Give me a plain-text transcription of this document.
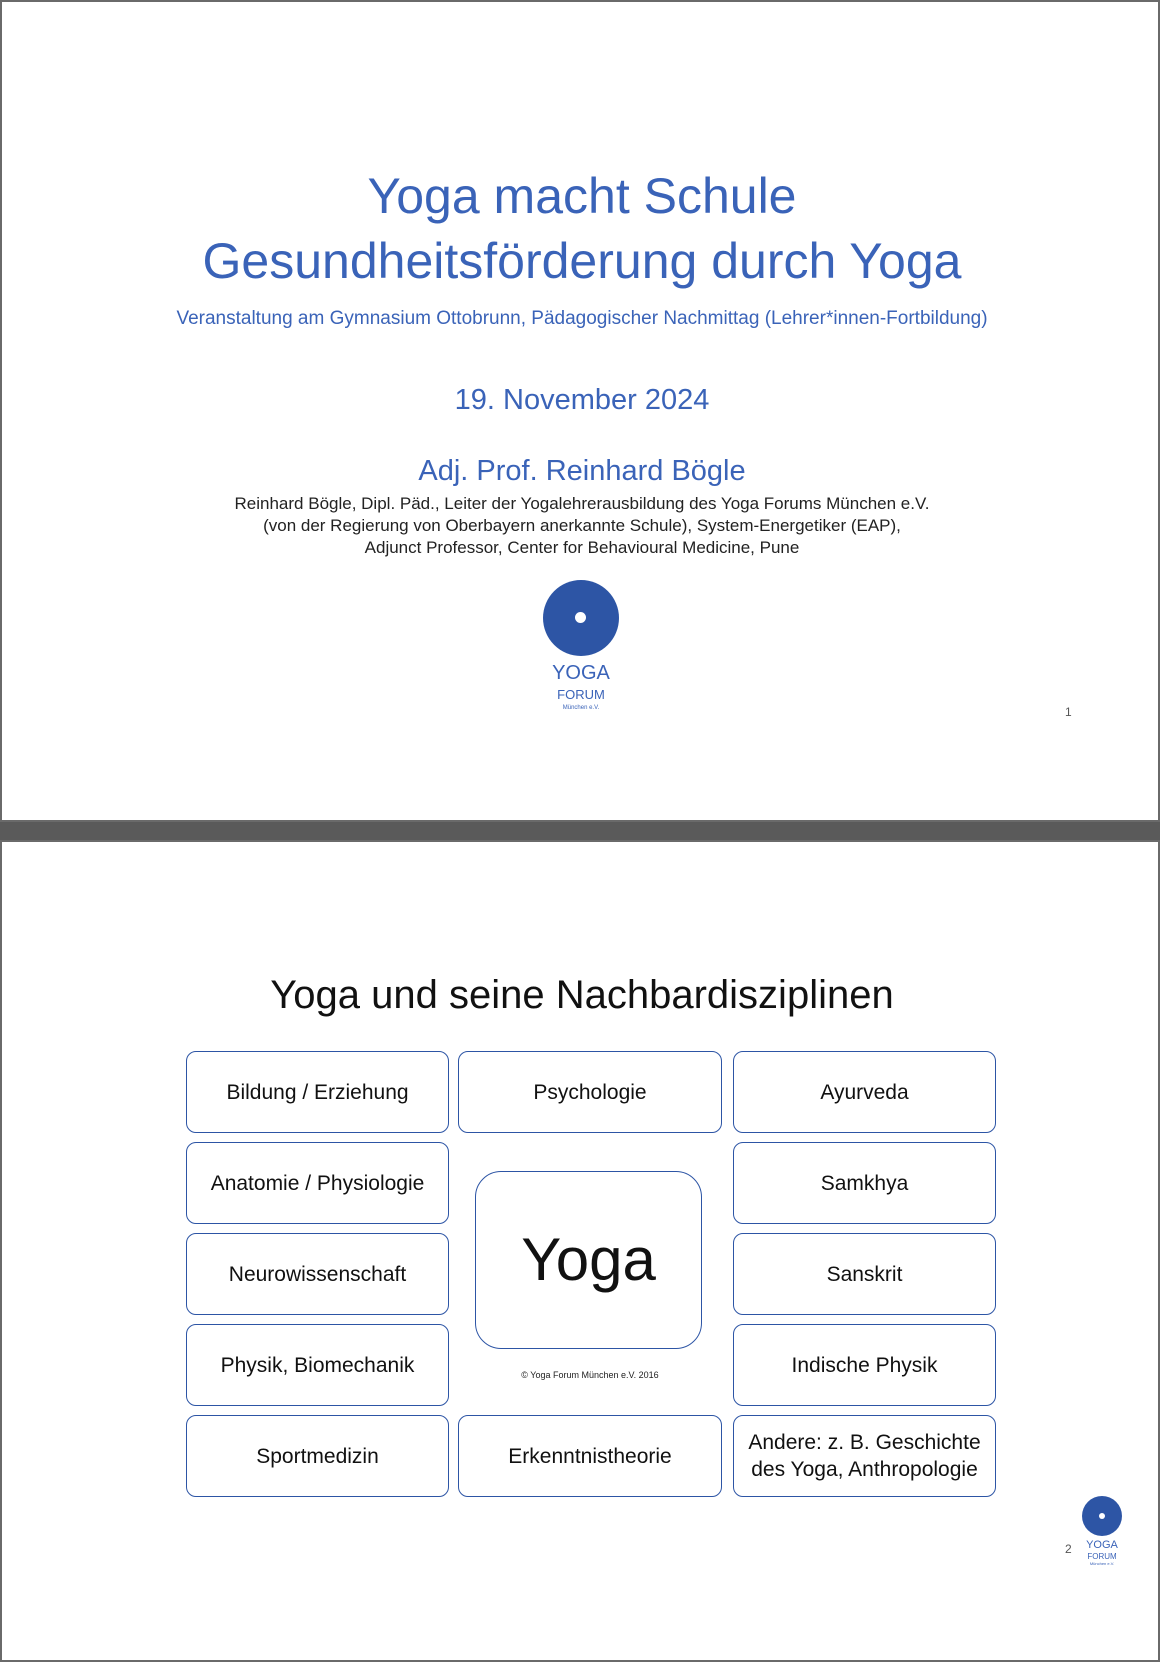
Yoga macht Schule
Gesundheitsförderung durch Yoga
Veranstaltung am Gymnasium Ottobrunn, Pädagogischer Nachmittag (Lehrer*innen-Fortbildung)
19. November 2024
Adj. Prof. Reinhard Bögle
Reinhard Bögle, Dipl. Päd., Leiter der Yogalehrerausbildung des Yoga Forums München e.V.
(von der Regierung von Oberbayern anerkannte Schule), System-Energetiker (EAP),
Adjunct Professor, Center for Behavioural Medicine, Pune
YOGA
FORUM
München e.V.	1
Yoga und seine Nachbardisziplinen
Bildung / Erziehung	Psychologie	Ayurveda
Anatomie / Physiologie	Samkhya
Neurowissenschaft	Sanskrit
Physik, Biomechanik	Indische Physik
Sportmedizin	Erkenntnistheorie
Andere: z. B. Geschichte des Yoga, Anthropologie
Yoga
© Yoga Forum München e.V. 2016
YOGA
FORUM
München e.V.
2
